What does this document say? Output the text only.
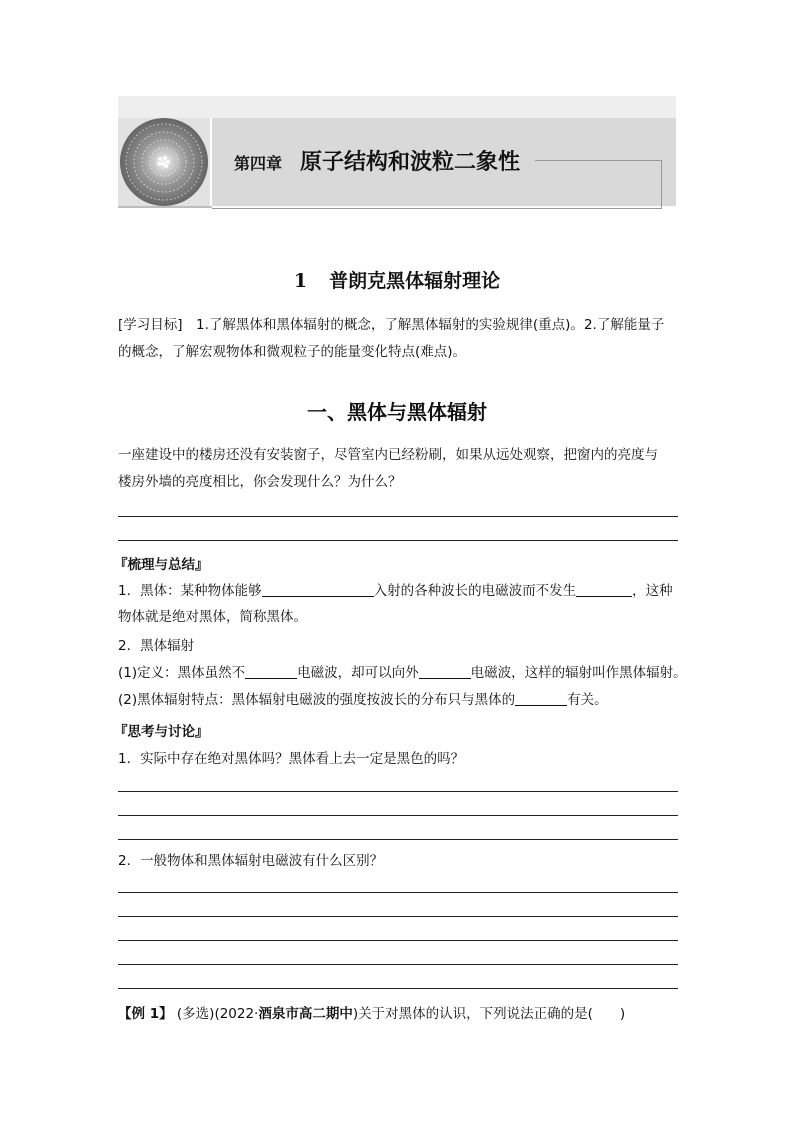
第四章 原子结构和波粒二象性
1 普朗克黑体辐射理论
[学习目标]　1.了解黑体和黑体辐射的概念，了解黑体辐射的实验规律(重点)。2.了解能量子
的概念，了解宏观物体和微观粒子的能量变化特点(难点)。
一、黑体与黑体辐射
一座建设中的楼房还没有安装窗子，尽管室内已经粉刷，如果从远处观察，把窗内的亮度与
楼房外墙的亮度相比，你会发现什么？为什么？
『梳理与总结』
1．黑体：某种物体能够	入射的各种波长的电磁波而不发生	，这种
物体就是绝对黑体，简称黑体。
2．黑体辐射
(1)定义：黑体虽然不	电磁波，却可以向外	电磁波，这样的辐射叫作黑体辐射。
(2)黑体辐射特点：黑体辐射电磁波的强度按波长的分布只与黑体的	有关。
『思考与讨论』
1．实际中存在绝对黑体吗？黑体看上去一定是黑色的吗？
2．一般物体和黑体辐射电磁波有什么区别？
【例 1】 (多选)(2022·酒泉市高二期中)关于对黑体的认识，下列说法正确的是(　　)
